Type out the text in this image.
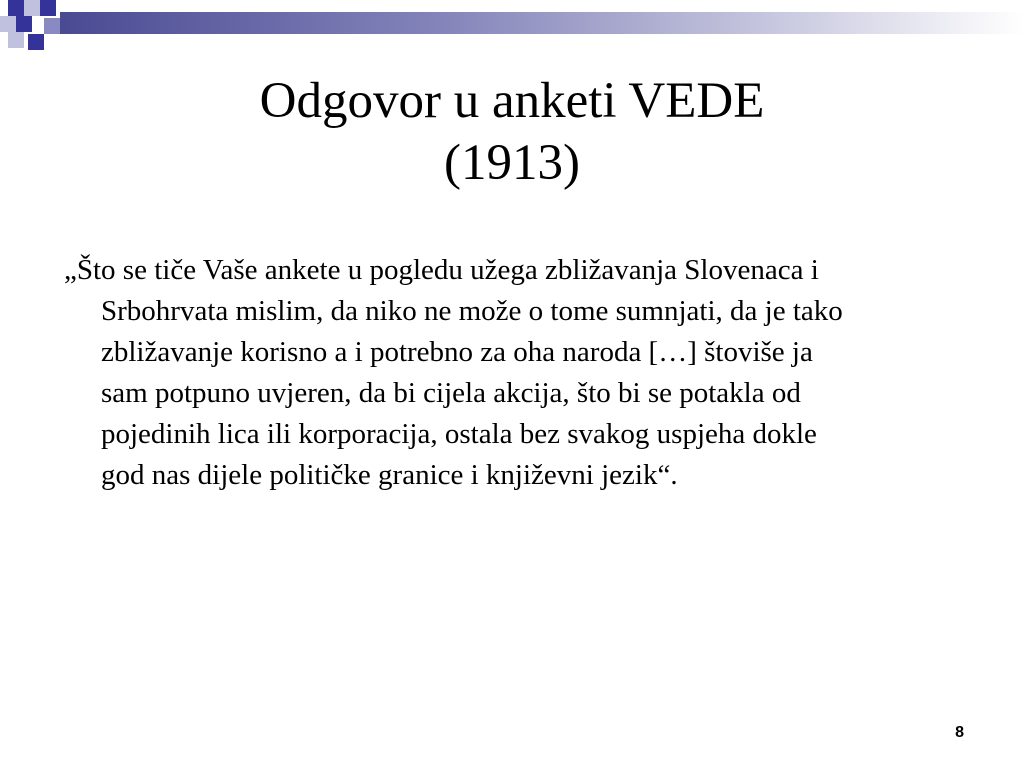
Odgovor u anketi VEDE
(1913)
„Što se tiče Vaše ankete u pogledu užega zbližavanja Slovenaca i
Srbohrvata mislim, da niko ne može o tome sumnjati, da je tako
zbližavanje korisno a i potrebno za oha naroda […] štoviše ja
sam potpuno uvjeren, da bi cijela akcija, što bi se potakla od
pojedinih lica ili korporacija, ostala bez svakog uspjeha dokle
god nas dijele političke granice i književni jezik“.
8
